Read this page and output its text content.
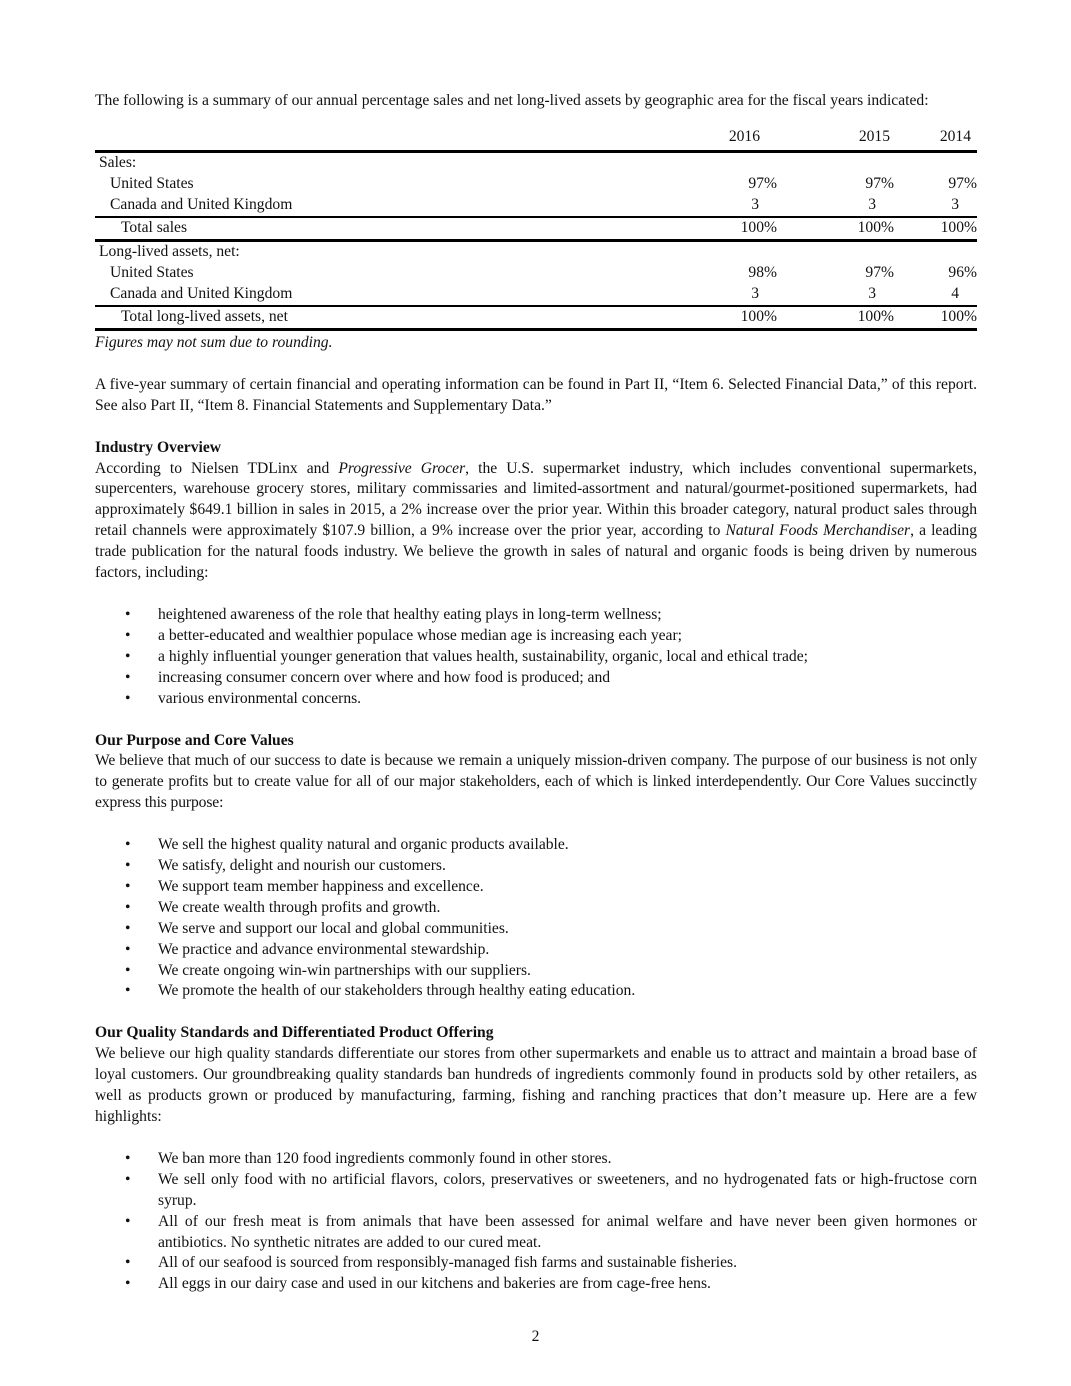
The following is a summary of our annual percentage sales and net long-lived assets by geographic area for the fiscal years indicated:

	2016	2015	2014
Sales:			
United States	97%	97%	97%
Canada and United Kingdom	3	3	3
Total sales	100%	100%	100%
Long-lived assets, net:			
United States	98%	97%	96%
Canada and United Kingdom	3	3	4
Total long-lived assets, net	100%	100%	100%

Figures may not sum due to rounding.

A five-year summary of certain financial and operating information can be found in Part II, “Item 6. Selected Financial Data,” of this report. See also Part II, “Item 8. Financial Statements and Supplementary Data.”

Industry Overview

According to Nielsen TDLinx and Progressive Grocer, the U.S. supermarket industry, which includes conventional supermarkets, supercenters, warehouse grocery stores, military commissaries and limited-assortment and natural/gourmet-positioned supermarkets, had approximately $649.1 billion in sales in 2015, a 2% increase over the prior year. Within this broader category, natural product sales through retail channels were approximately $107.9 billion, a 9% increase over the prior year, according to Natural Foods Merchandiser, a leading trade publication for the natural foods industry. We believe the growth in sales of natural and organic foods is being driven by numerous factors, including:

• heightened awareness of the role that healthy eating plays in long-term wellness;
• a better-educated and wealthier populace whose median age is increasing each year;
• a highly influential younger generation that values health, sustainability, organic, local and ethical trade;
• increasing consumer concern over where and how food is produced; and
• various environmental concerns.

Our Purpose and Core Values

We believe that much of our success to date is because we remain a uniquely mission-driven company. The purpose of our business is not only to generate profits but to create value for all of our major stakeholders, each of which is linked interdependently. Our Core Values succinctly express this purpose:

• We sell the highest quality natural and organic products available.
• We satisfy, delight and nourish our customers.
• We support team member happiness and excellence.
• We create wealth through profits and growth.
• We serve and support our local and global communities.
• We practice and advance environmental stewardship.
• We create ongoing win-win partnerships with our suppliers.
• We promote the health of our stakeholders through healthy eating education.

Our Quality Standards and Differentiated Product Offering

We believe our high quality standards differentiate our stores from other supermarkets and enable us to attract and maintain a broad base of loyal customers. Our groundbreaking quality standards ban hundreds of ingredients commonly found in products sold by other retailers, as well as products grown or produced by manufacturing, farming, fishing and ranching practices that don’t measure up. Here are a few highlights:

• We ban more than 120 food ingredients commonly found in other stores.
• We sell only food with no artificial flavors, colors, preservatives or sweeteners, and no hydrogenated fats or high-fructose corn syrup.
• All of our fresh meat is from animals that have been assessed for animal welfare and have never been given hormones or antibiotics. No synthetic nitrates are added to our cured meat.
• All of our seafood is sourced from responsibly-managed fish farms and sustainable fisheries.
• All eggs in our dairy case and used in our kitchens and bakeries are from cage-free hens.
2
